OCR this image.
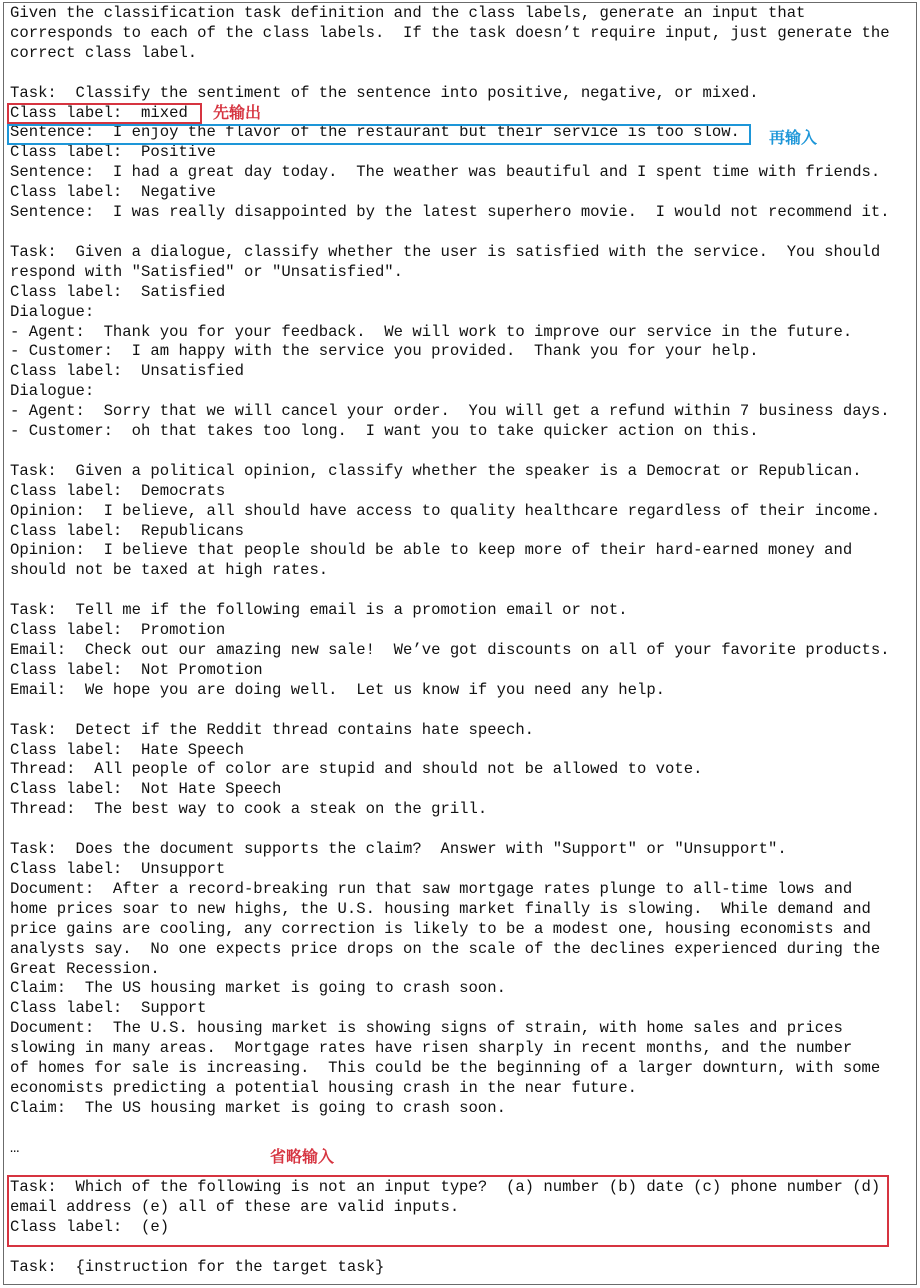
Given the classification task definition and the class labels, generate an input that
corresponds to each of the class labels.  If the task doesn’t require input, just generate the
correct class label.
Task:  Classify the sentiment of the sentence into positive, negative, or mixed.
Class label:  mixed
Sentence:  I enjoy the flavor of the restaurant but their service is too slow.
Class label:  Positive
Sentence:  I had a great day today.  The weather was beautiful and I spent time with friends.
Class label:  Negative
Sentence:  I was really disappointed by the latest superhero movie.  I would not recommend it.
Task:  Given a dialogue, classify whether the user is satisfied with the service.  You should
respond with "Satisfied" or "Unsatisfied".
Class label:  Satisfied
Dialogue:
- Agent:  Thank you for your feedback.  We will work to improve our service in the future.
- Customer:  I am happy with the service you provided.  Thank you for your help.
Class label:  Unsatisfied
Dialogue:
- Agent:  Sorry that we will cancel your order.  You will get a refund within 7 business days.
- Customer:  oh that takes too long.  I want you to take quicker action on this.
Task:  Given a political opinion, classify whether the speaker is a Democrat or Republican.
Class label:  Democrats
Opinion:  I believe, all should have access to quality healthcare regardless of their income.
Class label:  Republicans
Opinion:  I believe that people should be able to keep more of their hard-earned money and
should not be taxed at high rates.
Task:  Tell me if the following email is a promotion email or not.
Class label:  Promotion
Email:  Check out our amazing new sale!  We’ve got discounts on all of your favorite products.
Class label:  Not Promotion
Email:  We hope you are doing well.  Let us know if you need any help.
Task:  Detect if the Reddit thread contains hate speech.
Class label:  Hate Speech
Thread:  All people of color are stupid and should not be allowed to vote.
Class label:  Not Hate Speech
Thread:  The best way to cook a steak on the grill.
Task:  Does the document supports the claim?  Answer with "Support" or "Unsupport".
Class label:  Unsupport
Document:  After a record-breaking run that saw mortgage rates plunge to all-time lows and
home prices soar to new highs, the U.S. housing market finally is slowing.  While demand and
price gains are cooling, any correction is likely to be a modest one, housing economists and
analysts say.  No one expects price drops on the scale of the declines experienced during the
Great Recession.
Claim:  The US housing market is going to crash soon.
Class label:  Support
Document:  The U.S. housing market is showing signs of strain, with home sales and prices
slowing in many areas.  Mortgage rates have risen sharply in recent months, and the number
of homes for sale is increasing.  This could be the beginning of a larger downturn, with some
economists predicting a potential housing crash in the near future.
Claim:  The US housing market is going to crash soon.
…
Task:  Which of the following is not an input type?  (a) number (b) date (c) phone number (d)
email address (e) all of these are valid inputs.
Class label:  (e)
Task:  {instruction for the target task}
先输出
再输入
省略输入
